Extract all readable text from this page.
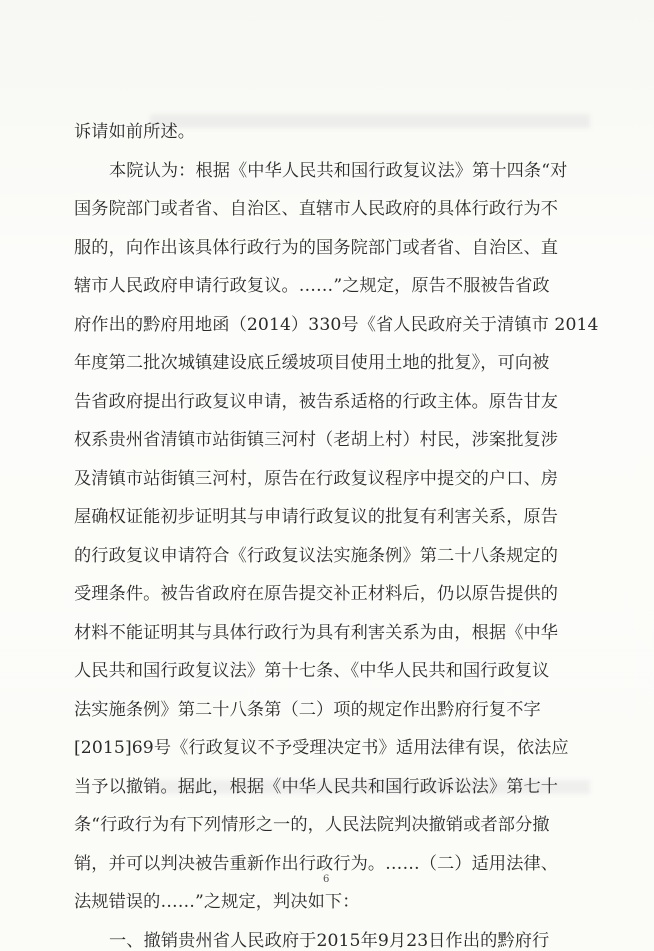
诉请如前所述。
本院认为：根据《中华人民共和国行政复议法》第十四条“对
国务院部门或者省、自治区、直辖市人民政府的具体行政行为不
服的，向作出该具体行政行为的国务院部门或者省、自治区、直
辖市人民政府申请行政复议。……”之规定，原告不服被告省政
府作出的黔府用地函（2014）330号《省人民政府关于清镇市 2014
年度第二批次城镇建设底丘缓坡项目使用土地的批复》，可向被
告省政府提出行政复议申请，被告系适格的行政主体。原告甘友
权系贵州省清镇市站街镇三河村（老胡上村）村民，涉案批复涉
及清镇市站街镇三河村，原告在行政复议程序中提交的户口、房
屋确权证能初步证明其与申请行政复议的批复有利害关系，原告
的行政复议申请符合《行政复议法实施条例》第二十八条规定的
受理条件。被告省政府在原告提交补正材料后，仍以原告提供的
材料不能证明其与具体行政行为具有利害关系为由，根据《中华
人民共和国行政复议法》第十七条、《中华人民共和国行政复议
法实施条例》第二十八条第（二）项的规定作出黔府行复不字
[2015]69号《行政复议不予受理决定书》适用法律有误，依法应
当予以撤销。据此，根据《中华人民共和国行政诉讼法》第七十
条“行政行为有下列情形之一的，人民法院判决撤销或者部分撤
销，并可以判决被告重新作出行政行为。……（二）适用法律、
法规错误的……”之规定，判决如下：
一、撤销贵州省人民政府于2015年9月23日作出的黔府行
6
